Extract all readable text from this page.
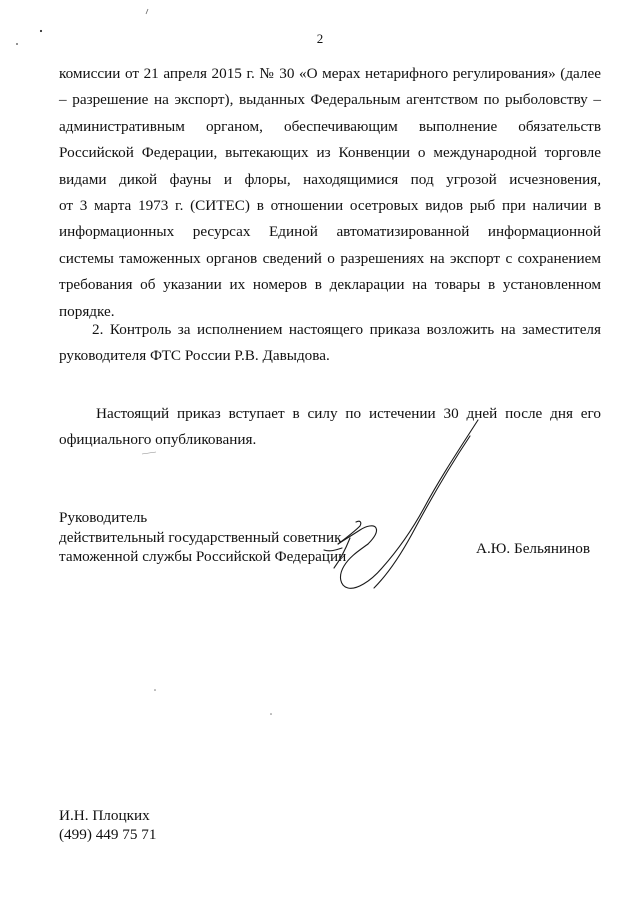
2
комиссии от 21 апреля 2015 г. № 30 «О мерах нетарифного регулирования» (далее
– разрешение на экспорт), выданных Федеральным агентством по рыболовству –
административным органом, обеспечивающим выполнение обязательств
Российской Федерации, вытекающих из Конвенции о международной торговле
видами дикой фауны и флоры, находящимися под угрозой исчезновения,
от 3 марта 1973 г. (СИТЕС) в отношении осетровых видов рыб при наличии в
информационных ресурсах Единой автоматизированной информационной
системы таможенных органов сведений о разрешениях на экспорт с сохранением
требования об указании их номеров в декларации на товары в установленном
порядке.
2. Контроль за исполнением настоящего приказа возложить на заместителя
руководителя ФТС России Р.В. Давыдова.
Настоящий приказ вступает в силу по истечении 30 дней после дня его
официального опубликования.
Руководитель
действительный государственный советник
таможенной службы Российской Федерации	А.Ю. Бельянинов
И.Н. Плоцких
(499) 449 75 71
